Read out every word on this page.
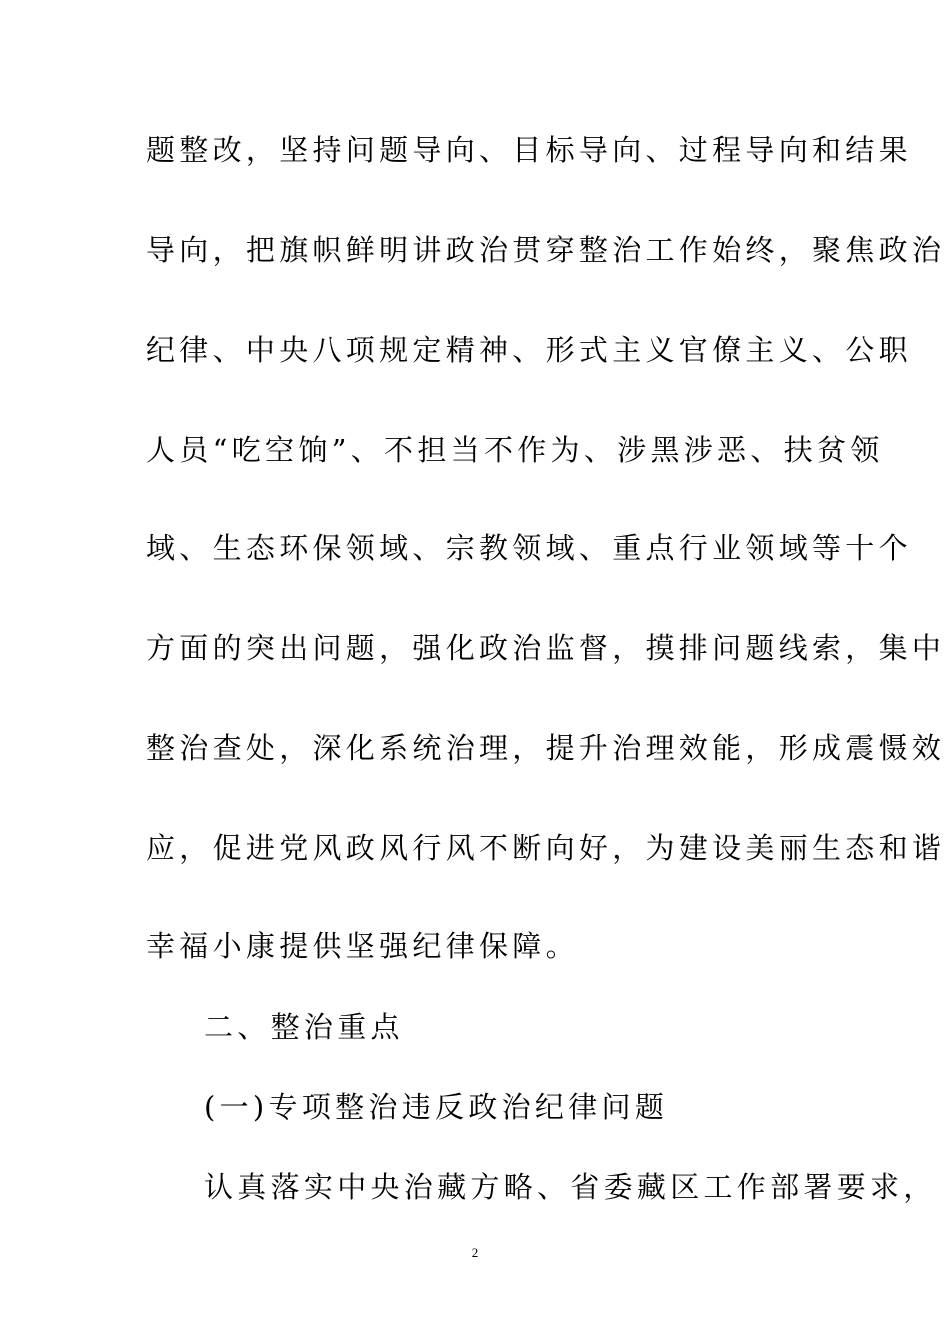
题整改，坚持问题导向、目标导向、过程导向和结果
导向，把旗帜鲜明讲政治贯穿整治工作始终，聚焦政治
纪律、中央八项规定精神、形式主义官僚主义、公职
人员“吃空饷”、不担当不作为、涉黑涉恶、扶贫领
域、生态环保领域、宗教领域、重点行业领域等十个
方面的突出问题，强化政治监督，摸排问题线索，集中
整治查处，深化系统治理，提升治理效能，形成震慑效
应，促进党风政风行风不断向好，为建设美丽生态和谐
幸福小康提供坚强纪律保障。
二、整治重点
(一)专项整治违反政治纪律问题
认真落实中央治藏方略、省委藏区工作部署要求，
2
